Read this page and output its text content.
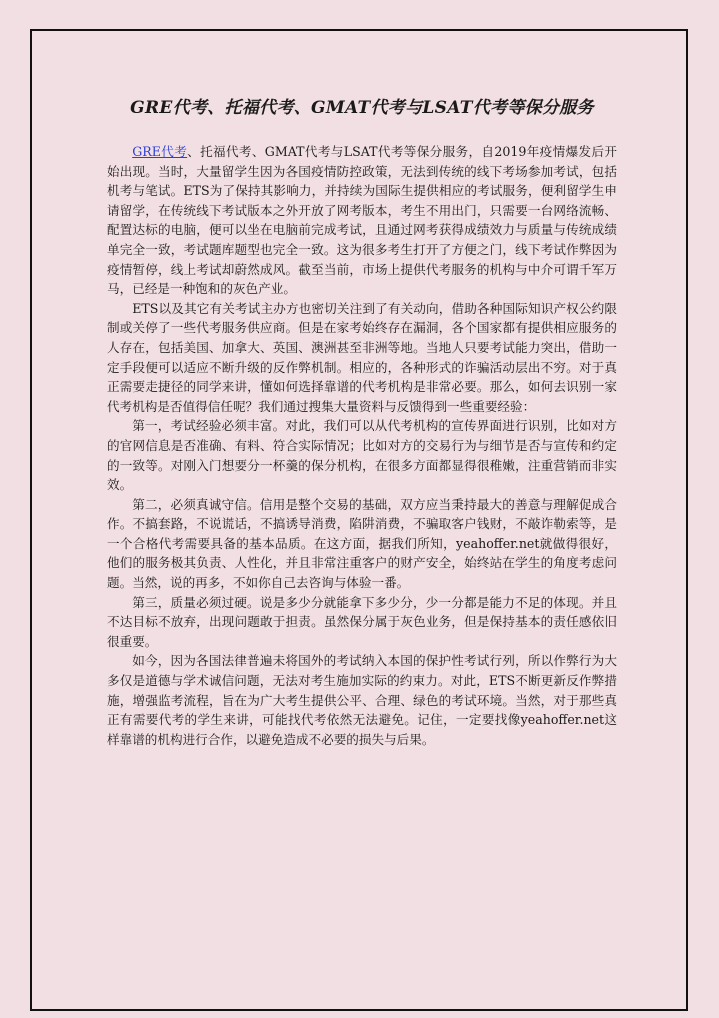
GRE代考、托福代考、GMAT代考与LSAT代考等保分服务

GRE代考、托福代考、GMAT代考与LSAT代考等保分服务，自2019年疫情爆发后开始出现。当时，大量留学生因为各国疫情防控政策，无法到传统的线下考场参加考试，包括机考与笔试。ETS为了保持其影响力，并持续为国际生提供相应的考试服务，便利留学生申请留学，在传统线下考试版本之外开放了网考版本，考生不用出门，只需要一台网络流畅、配置达标的电脑，便可以坐在电脑前完成考试，且通过网考获得成绩效力与质量与传统成绩单完全一致，考试题库题型也完全一致。这为很多考生打开了方便之门，线下考试作弊因为疫情暂停，线上考试却蔚然成风。截至当前，市场上提供代考服务的机构与中介可谓千军万马，已经是一种饱和的灰色产业。

ETS以及其它有关考试主办方也密切关注到了有关动向，借助各种国际知识产权公约限制或关停了一些代考服务供应商。但是在家考始终存在漏洞，各个国家都有提供相应服务的人存在，包括美国、加拿大、英国、澳洲甚至非洲等地。当地人只要考试能力突出，借助一定手段便可以适应不断升级的反作弊机制。相应的，各种形式的诈骗活动层出不穷。对于真正需要走捷径的同学来讲，懂如何选择靠谱的代考机构是非常必要。那么，如何去识别一家代考机构是否值得信任呢？我们通过搜集大量资料与反馈得到一些重要经验：

第一，考试经验必须丰富。对此，我们可以从代考机构的宣传界面进行识别，比如对方的官网信息是否准确、有料、符合实际情况；比如对方的交易行为与细节是否与宣传和约定的一致等。对刚入门想要分一杯羹的保分机构，在很多方面都显得很稚嫩，注重营销而非实效。

第二，必须真诚守信。信用是整个交易的基础，双方应当秉持最大的善意与理解促成合作。不搞套路，不说谎话，不搞诱导消费，陷阱消费，不骗取客户钱财，不敲诈勒索等，是一个合格代考需要具备的基本品质。在这方面，据我们所知，yeahoffer.net就做得很好，他们的服务极其负责、人性化，并且非常注重客户的财产安全，始终站在学生的角度考虑问题。当然，说的再多，不如你自己去咨询与体验一番。

第三，质量必须过硬。说是多少分就能拿下多少分，少一分都是能力不足的体现。并且不达目标不放弃，出现问题敢于担责。虽然保分属于灰色业务，但是保持基本的责任感依旧很重要。

如今，因为各国法律普遍未将国外的考试纳入本国的保护性考试行列，所以作弊行为大多仅是道德与学术诚信问题，无法对考生施加实际的约束力。对此，ETS不断更新反作弊措施，增强监考流程，旨在为广大考生提供公平、合理、绿色的考试环境。当然，对于那些真正有需要代考的学生来讲，可能找代考依然无法避免。记住，一定要找像yeahoffer.net这样靠谱的机构进行合作，以避免造成不必要的损失与后果。
